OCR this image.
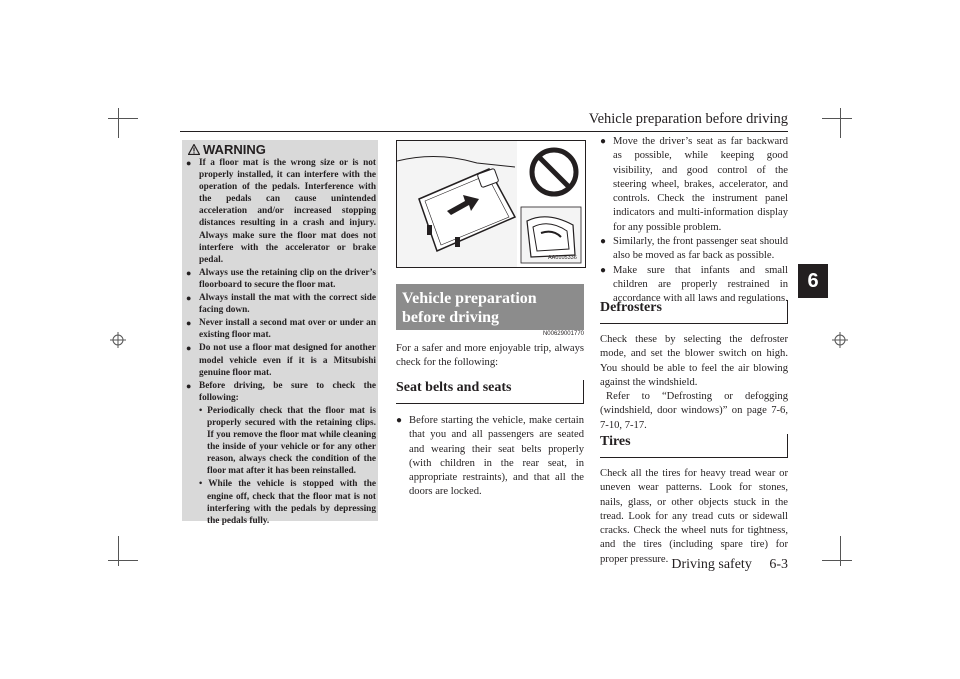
Vehicle preparation before driving
6
WARNING
● If a floor mat is the wrong size or is not properly installed, it can interfere with the operation of the pedals. Interference with the pedals can cause unintended acceleration and/or increased stopping distances resulting in a crash and injury. Always make sure the floor mat does not interfere with the accelerator or brake pedal.
● Always use the retaining clip on the driver’s floorboard to secure the floor mat.
● Always install the mat with the correct side facing down.
● Never install a second mat over or under an existing floor mat.
● Do not use a floor mat designed for another model vehicle even if it is a Mitsubishi genuine floor mat.
● Before driving, be sure to check the following:
• Periodically check that the floor mat is properly secured with the retaining clips. If you remove the floor mat while cleaning the inside of your vehicle or for any other reason, always check the condition of the floor mat after it has been reinstalled.
• While the vehicle is stopped with the engine off, check that the floor mat is not interfering with the pedals by depressing the pedals fully.
AA0105336
Vehicle preparation before driving
N00629001770
For a safer and more enjoyable trip, always check for the following:
Seat belts and seats
● Before starting the vehicle, make certain that you and all passengers are seated and wearing their seat belts properly (with children in the rear seat, in appropriate restraints), and that all the doors are locked.
● Move the driver’s seat as far backward as possible, while keeping good visibility, and good control of the steering wheel, brakes, accelerator, and controls. Check the instrument panel indicators and multi-information display for any possible problem.
● Similarly, the front passenger seat should also be moved as far back as possible.
● Make sure that infants and small children are properly restrained in accordance with all laws and regulations.
Defrosters
Check these by selecting the defroster mode, and set the blower switch on high. You should be able to feel the air blowing against the windshield.
Refer to “Defrosting or defogging (windshield, door windows)” on page 7-6, 7-10, 7-17.
Tires
Check all the tires for heavy tread wear or uneven wear patterns. Look for stones, nails, glass, or other objects stuck in the tread. Look for any tread cuts or sidewall cracks. Check the wheel nuts for tightness, and the tires (including spare tire) for proper pressure. Driving safety 6-3
